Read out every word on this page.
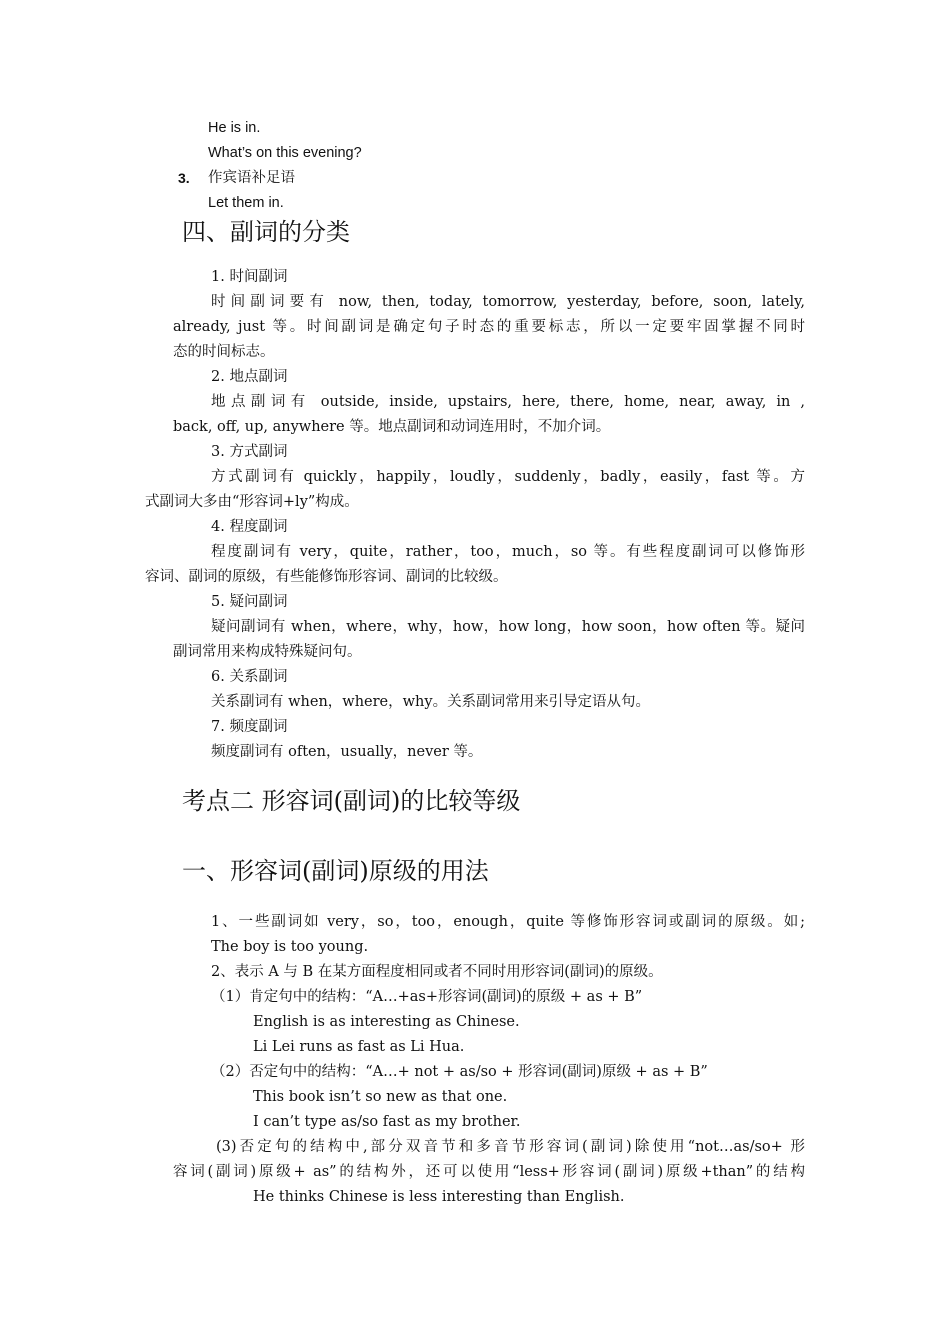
He is in.
What’s on this evening?
3. 作宾语补足语
Let them in.
四、副词的分类
1. 时间副词
时间副词要有 now, then, today, tomorrow, yesterday, before, soon, lately,
already, just 等。时间副词是确定句子时态的重要标志，所以一定要牢固掌握不同时
态的时间标志。
2. 地点副词
地点副词有 outside, inside, upstairs, here, there, home, near, away, in ,
back, off, up, anywhere 等。地点副词和动词连用时，不加介词。
3. 方式副词
方式副词有 quickly，happily，loudly，suddenly，badly，easily，fast 等。方
式副词大多由“形容词+ly”构成。
4. 程度副词
程度副词有 very，quite，rather，too，much，so 等。有些程度副词可以修饰形
容词、副词的原级，有些能修饰形容词、副词的比较级。
5. 疑问副词
疑问副词有 when，where，why，how，how long，how soon，how often 等。疑问
副词常用来构成特殊疑问句。
6. 关系副词
关系副词有 when，where，why。关系副词常用来引导定语从句。
7. 频度副词
频度副词有 often，usually，never 等。
考点二 形容词(副词)的比较等级
一、形容词(副词)原级的用法
1、一些副词如 very，so，too，enough，quite 等修饰形容词或副词的原级。如;
The boy is too young.
2、表示 A 与 B 在某方面程度相同或者不同时用形容词(副词)的原级。
（1）肯定句中的结构：“A…+as+形容词(副词)的原级 + as + B”
English is as interesting as Chinese.
Li Lei runs as fast as Li Hua.
（2）否定句中的结构：“A…+ not + as/so + 形容词(副词)原级 + as + B”
This book isn’t so new as that one.
I can’t type as/so fast as my brother.
(3)否定句的结构中,部分双音节和多音节形容词(副词)除使用“not…as/so+ 形
容词(副词)原级+ as”的结构外，还可以使用“less+形容词(副词)原级+than”的结构
He thinks Chinese is less interesting than English.
